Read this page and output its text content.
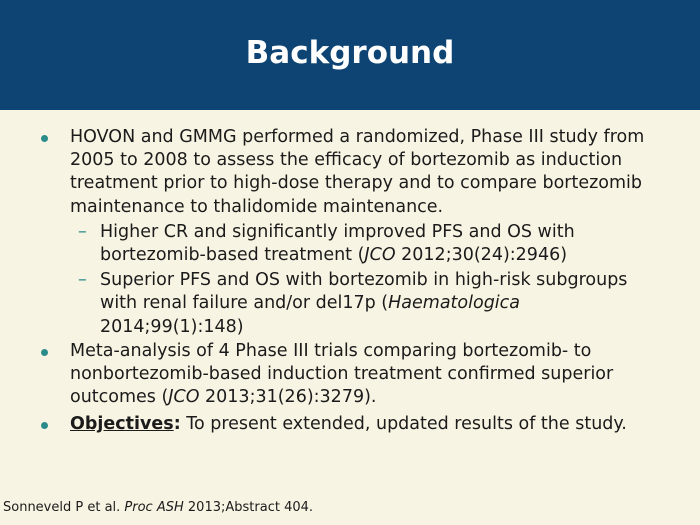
Background
HOVON and GMMG performed a randomized, Phase III study from 2005 to 2008 to assess the efficacy of bortezomib as induction treatment prior to high-dose therapy and to compare bortezomib maintenance to thalidomide maintenance.
– Higher CR and significantly improved PFS and OS with bortezomib-based treatment (JCO 2012;30(24):2946)
– Superior PFS and OS with bortezomib in high-risk subgroups with renal failure and/or del17p (Haematologica 2014;99(1):148)
Meta-analysis of 4 Phase III trials comparing bortezomib- to nonbortezomib-based induction treatment confirmed superior outcomes (JCO 2013;31(26):3279).
Objectives: To present extended, updated results of the study.
Sonneveld P et al. Proc ASH 2013;Abstract 404.
